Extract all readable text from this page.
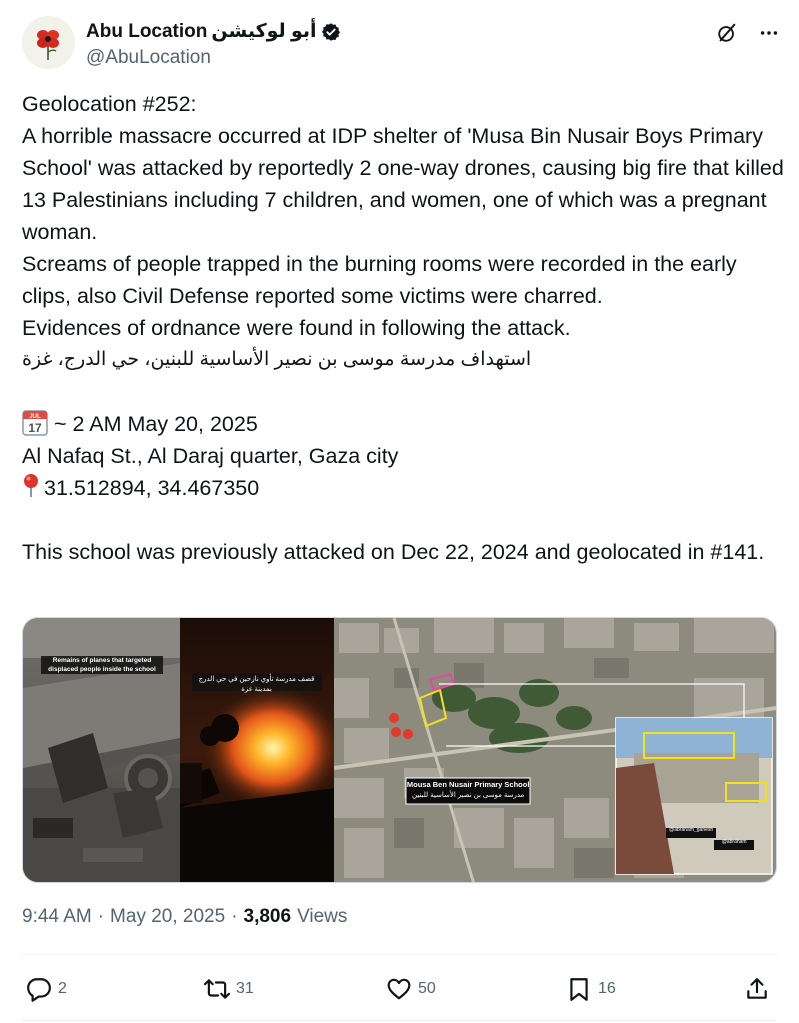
Abu Location أبو لوكيشن
@AbuLocation

Geolocation #252:

A horrible massacre occurred at IDP shelter of 'Musa Bin Nusair Boys Primary School' was attacked by reportedly 2 one-way drones, causing big fire that killed 13 Palestinians including 7 children, and women, one of which was a pregnant woman.

Screams of people trapped in the burning rooms were recorded in the early clips, also Civil Defense reported some victims were charred.

Evidences of ordnance were found in following the attack.

استهداف مدرسة موسى بن نصير الأساسية للبنين، حي الدرج، غزة

JUL
17 ~ 2 AM May 20, 2025

Al Nafaq St., Al Daraj quarter, Gaza city

31.512894, 34.467350

This school was previously attacked on Dec 22, 2024 and geolocated in #141.

Remains of planes that targeted displaced people inside the school
قصف مدرسة تأوي نازحين في حي الدرج بمدينة غزة
Mousa Ben Nusair Primary School
مدرسة موسى بن نصير الأساسية للبنين
@abraham_ganesh
@abraham
9:44 AM · May 20, 2025 · 3,806 Views
2	31	50	16
